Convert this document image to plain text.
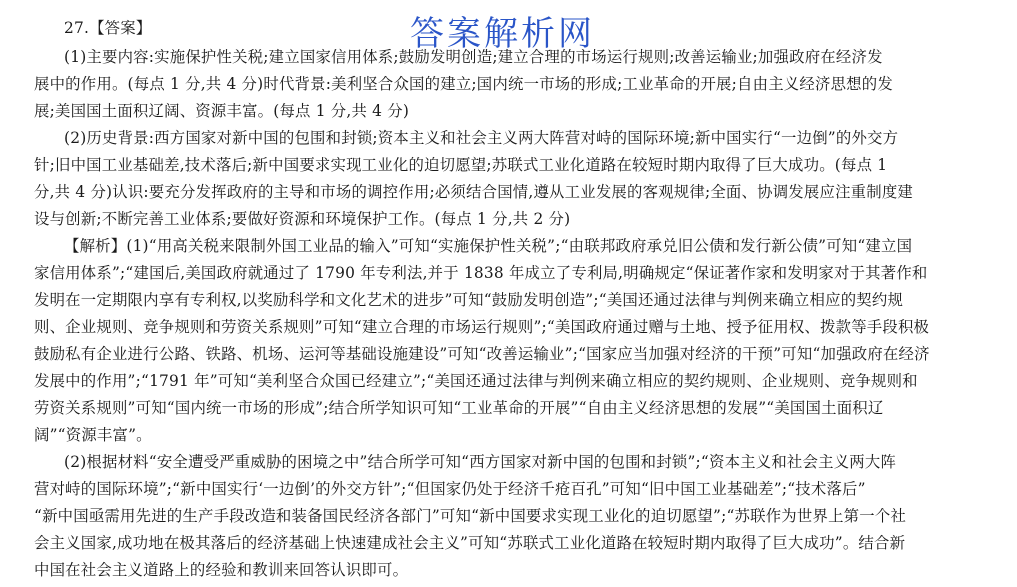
答案解析网
27.【答案】
(1)主要内容:实施保护性关税;建立国家信用体系;鼓励发明创造;建立合理的市场运行规则;改善运输业;加强政府在经济发
展中的作用。(每点 1 分,共 4 分)时代背景:美利坚合众国的建立;国内统一市场的形成;工业革命的开展;自由主义经济思想的发
展;美国国土面积辽阔、资源丰富。(每点 1 分,共 4 分)
(2)历史背景:西方国家对新中国的包围和封锁;资本主义和社会主义两大阵营对峙的国际环境;新中国实行“一边倒”的外交方
针;旧中国工业基础差,技术落后;新中国要求实现工业化的迫切愿望;苏联式工业化道路在较短时期内取得了巨大成功。(每点 1
分,共 4 分)认识:要充分发挥政府的主导和市场的调控作用;必须结合国情,遵从工业发展的客观规律;全面、协调发展应注重制度建
设与创新;不断完善工业体系;要做好资源和环境保护工作。(每点 1 分,共 2 分)
【解析】(1)“用高关税来限制外国工业品的输入”可知“实施保护性关税”;“由联邦政府承兑旧公债和发行新公债”可知“建立国
家信用体系”;“建国后,美国政府就通过了 1790 年专利法,并于 1838 年成立了专利局,明确规定“保证著作家和发明家对于其著作和
发明在一定期限内享有专利权,以奖励科学和文化艺术的进步”可知“鼓励发明创造”;“美国还通过法律与判例来确立相应的契约规
则、企业规则、竞争规则和劳资关系规则”可知“建立合理的市场运行规则”;“美国政府通过赠与土地、授予征用权、拨款等手段积极
鼓励私有企业进行公路、铁路、机场、运河等基础设施建设”可知“改善运输业”;“国家应当加强对经济的干预”可知“加强政府在经济
发展中的作用”;“1791 年”可知“美利坚合众国已经建立”;“美国还通过法律与判例来确立相应的契约规则、企业规则、竞争规则和
劳资关系规则”可知“国内统一市场的形成”;结合所学知识可知“工业革命的开展”“自由主义经济思想的发展”“美国国土面积辽
阔”“资源丰富”。
(2)根据材料“安全遭受严重威胁的困境之中”结合所学可知“西方国家对新中国的包围和封锁”;“资本主义和社会主义两大阵
营对峙的国际环境”;“新中国实行‘一边倒’的外交方针”;“但国家仍处于经济千疮百孔”可知“旧中国工业基础差”;“技术落后”
“新中国亟需用先进的生产手段改造和装备国民经济各部门”可知“新中国要求实现工业化的迫切愿望”;“苏联作为世界上第一个社
会主义国家,成功地在极其落后的经济基础上快速建成社会主义”可知“苏联式工业化道路在较短时期内取得了巨大成功”。结合新
中国在社会主义道路上的经验和教训来回答认识即可。
